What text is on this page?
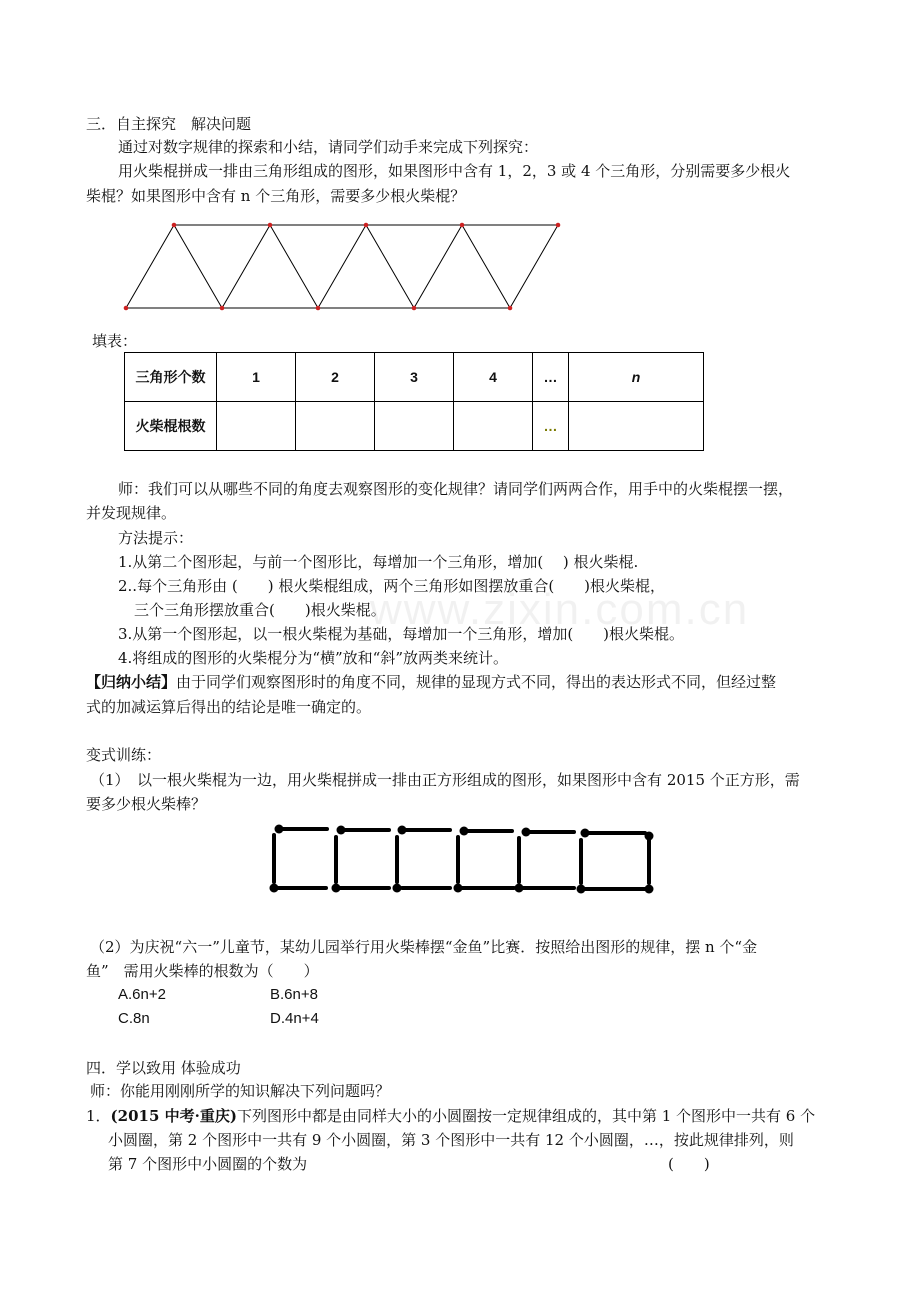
www.zixin.com.cn
三．自主探究　解决问题
通过对数字规律的探索和小结，请同学们动手来完成下列探究：
用火柴棍拼成一排由三角形组成的图形，如果图形中含有 1，2，3 或 4 个三角形，分别需要多少根火
柴棍？如果图形中含有 n 个三角形，需要多少根火柴棍？
填表：
三角形个数	1	2	3	4	…	n
火柴棍根数					…	
师：我们可以从哪些不同的角度去观察图形的变化规律？请同学们两两合作，用手中的火柴棍摆一摆，
并发现规律。
方法提示：
1.从第二个图形起，与前一个图形比，每增加一个三角形，增加(　 ) 根火柴棍.
2..每个三角形由 (　　) 根火柴棍组成，两个三角形如图摆放重合(　　)根火柴棍，
三个三角形摆放重合(　　)根火柴棍。
3.从第一个图形起，以一根火柴棍为基础，每增加一个三角形，增加(　　)根火柴棍。
4.将组成的图形的火柴棍分为“横”放和“斜”放两类来统计。
【归纳小结】由于同学们观察图形时的角度不同，规律的显现方式不同，得出的表达形式不同，但经过整
式的加减运算后得出的结论是唯一确定的。
变式训练：
（1）　以一根火柴棍为一边，用火柴棍拼成一排由正方形组成的图形，如果图形中含有 2015 个正方形，需
要多少根火柴棒？
（2）为庆祝“六一”儿童节，某幼儿园举行用火柴棒摆“金鱼”比赛．按照给出图形的规律，摆 n 个“金
鱼”　需用火柴棒的根数为（　　）
A.6n+2	B.6n+8
C.8n	D.4n+4
四．学以致用 体验成功
师：你能用刚刚所学的知识解决下列问题吗？
1．(2015 中考·重庆)下列图形中都是由同样大小的小圆圈按一定规律组成的，其中第 1 个图形中一共有 6 个
小圆圈，第 2 个图形中一共有 9 个小圆圈，第 3 个图形中一共有 12 个小圆圈，…，按此规律排列，则
第 7 个图形中小圆圈的个数为	(　　)
